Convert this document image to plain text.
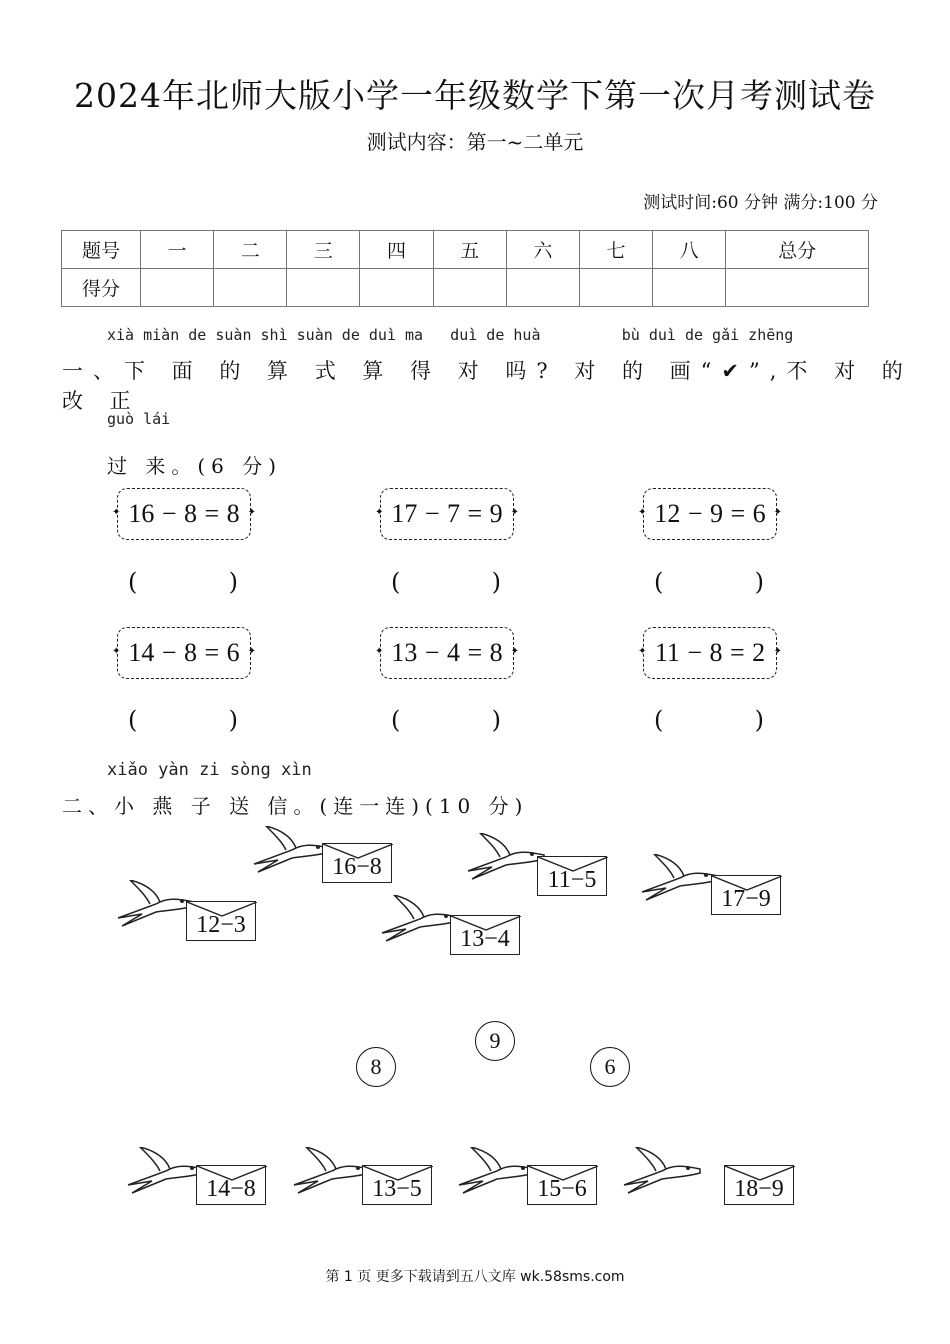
2024年北师大版小学一年级数学下第一次月考测试卷
测试内容：第一~二单元
测试时间:60 分钟 满分:100 分
题号	一	二	三	四	五	六	七	八	总分
得分									
xià miàn de suàn shì suàn de duì ma   duì de huà         bù duì de gǎi zhēng
一、下 面 的 算 式 算 得 对 吗? 对 的 画“✔”,不 对 的 改 正
guò lái
过 来。(6 分)
✦ 16 − 8 = 8 ✦	✦ 17 − 7 = 9 ✦	✦ 12 − 9 = 6 ✦
(	)	(	)	(	)
✦ 14 − 8 = 6 ✦	✦ 13 − 4 = 8 ✦	✦ 11 − 8 = 2 ✦
(	)	(	)	(	)
xiǎo yàn zi sòng xìn
二、小 燕 子 送 信。(连一连)(10 分)
16−8	11−5
17−9
12−3
13−4
9
8	6
14−8	13−5	15−6	18−9
第 1 页 更多下载请到五八文库 wk.58sms.com
